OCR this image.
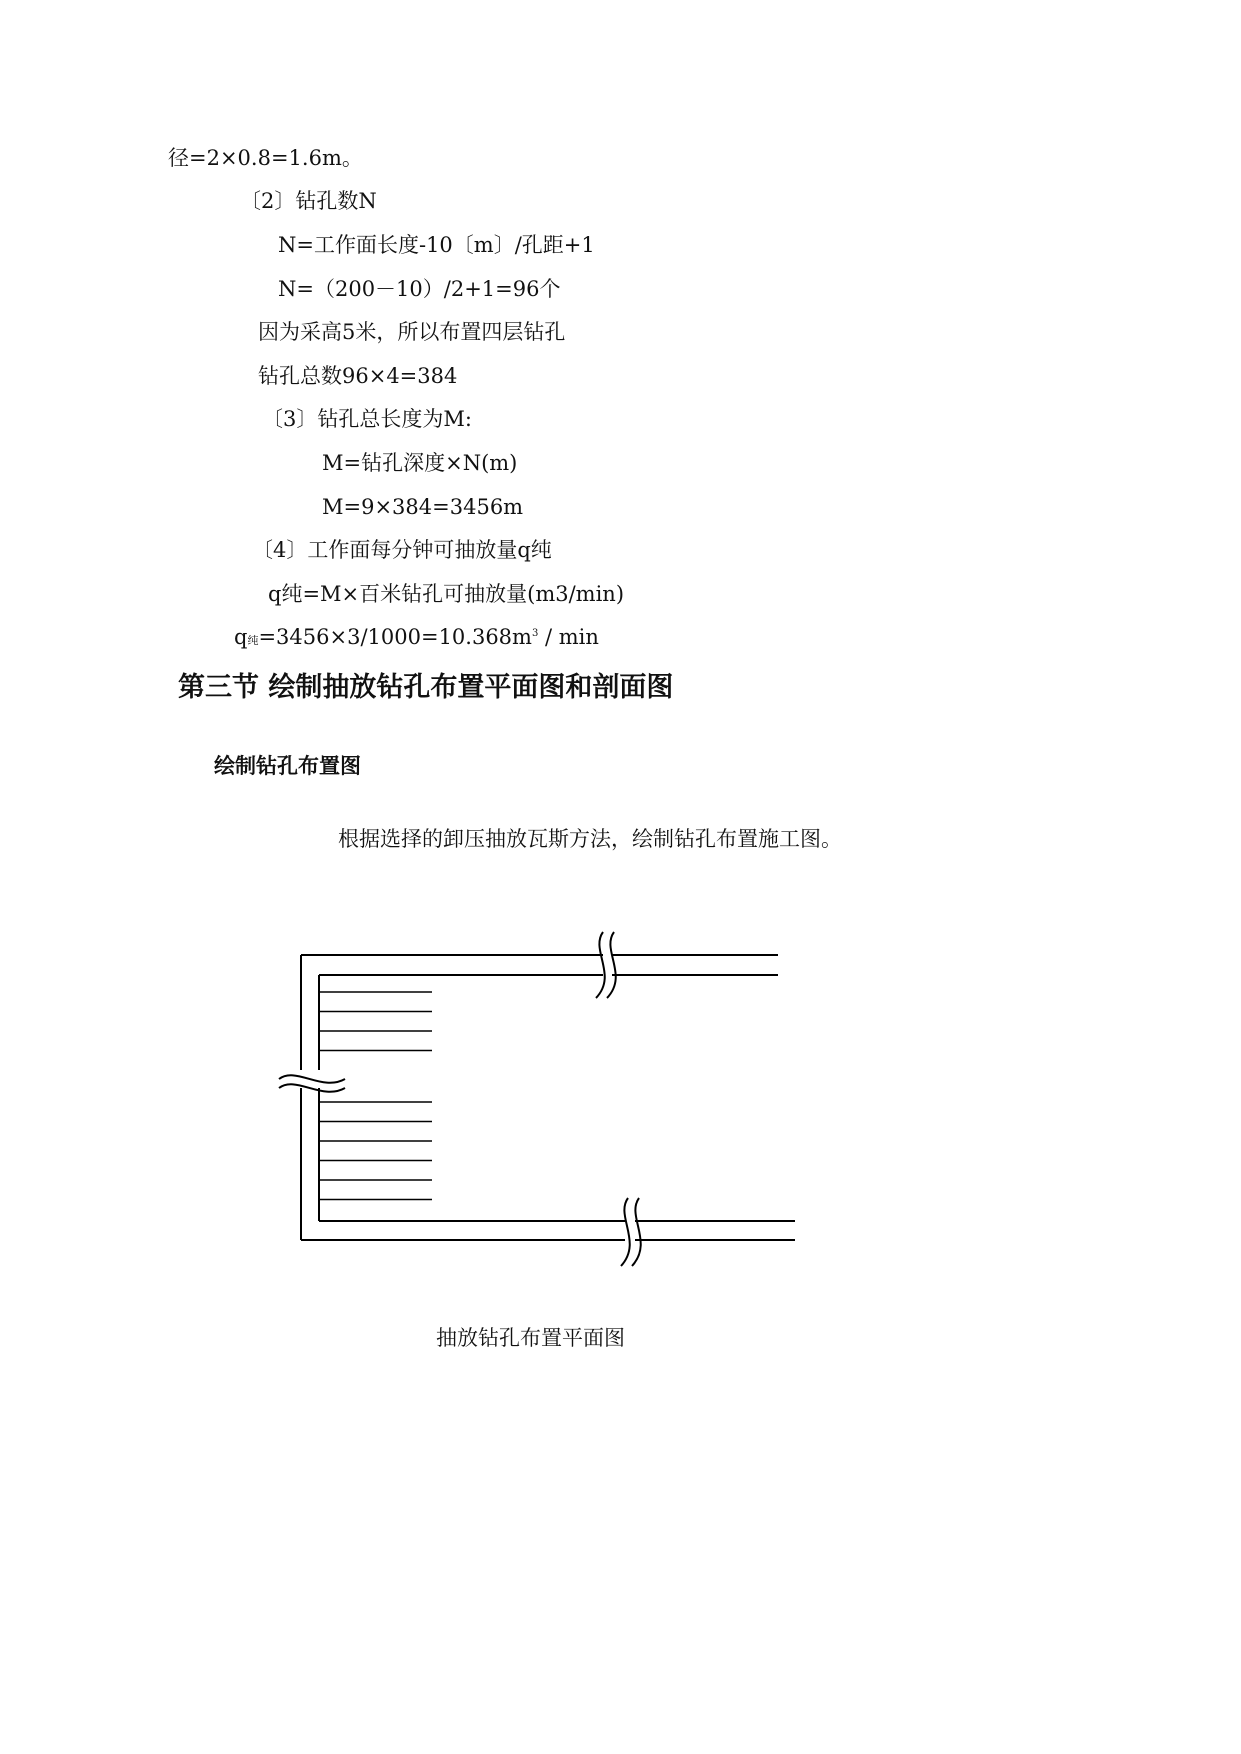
径=2×0.8=1.6m。
〔2〕钻孔数N
N=工作面长度-10〔m〕/孔距+1
N=（200－10）/2+1=96个
因为采高5米，所以布置四层钻孔
钻孔总数96×4=384
〔3〕钻孔总长度为M:
M=钻孔深度×N(m)
M=9×384=3456m
〔4〕工作面每分钟可抽放量q纯
q纯=M×百米钻孔可抽放量(m3/min)
q纯$=3456\times 3/1000=10.368m^3 / \min$
第三节 绘制抽放钻孔布置平面图和剖面图
绘制钻孔布置图
根据选择的卸压抽放瓦斯方法，绘制钻孔布置施工图。
抽放钻孔布置平面图
